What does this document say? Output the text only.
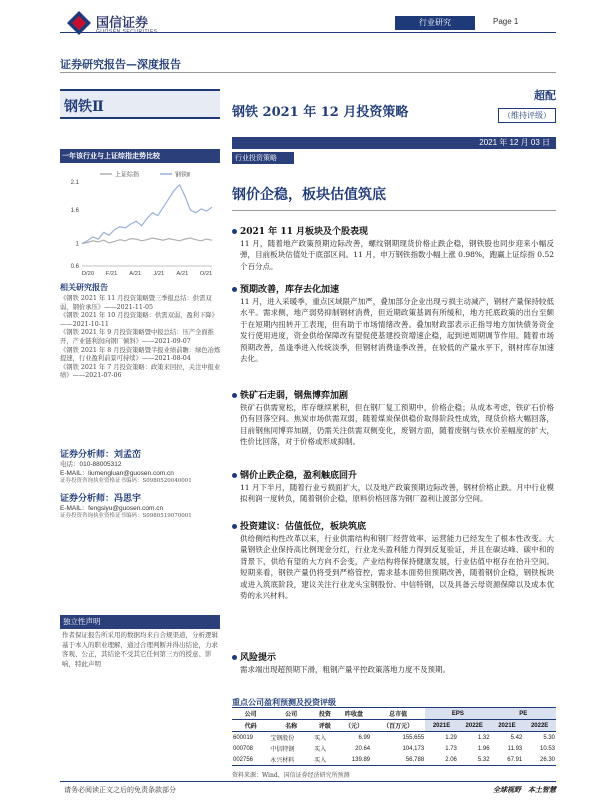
国信证券	行业研究	Page 1
证券研究报告—深度报告
钢铁Ⅱ	钢铁 2021 年 12 月投资策略
超配
（维持评级）
2021 年 12 月 03 日
一年该行业与上证综指走势比较
上证综指	钢铁Ⅱ
0.6
1
1.6
2.1
D/20 F/21 A/21 J/21 A/21 O/21
相关研究报告
《钢铁 2021 年 11 月投资策略暨三季报总结：供需双弱，钢价承压》——2021-11-05
《钢铁 2021 年 10 月投资策略：供需双弱，盈利下降》——2021-10-11
《钢铁 2021 年 9 月投资策略暨中报总结：压产全面推开，产业链利润向钢厂倾斜》——2021-09-07
《钢铁 2021 年 8 月投资策略暨半报业绩前瞻：绿色冶炼提速，行业盈利前景可持续》——2021-08-04
《钢铁 2021 年 7 月投资策略：政策来回拉，关注中报业绩》——2021-07-06
证券分析师：刘孟峦
电话：010-88005312
E-MAIL：liumengluan@guosen.com.cn
证券投资咨询执业资格证书编码：S0980520040001
证券分析师：冯思宇
E-MAIL：fengsiyu@guosen.com.cn
证券投资咨询执业资格证书编码：S0980519070001
独立性声明
作者保证报告所采用的数据均来自合规渠道，分析逻辑基于本人的职业理解，通过合理判断并得出结论，力求客观、公正，其结论不受其它任何第三方的授意、影响，特此声明
行业投资策略
钢价企稳，板块估值筑底
2021 年 11 月板块及个股表现
11 月，随着地产政策预期边际改善，螺纹钢期现货价格止跌企稳，钢铁股也同步迎来小幅反弹，目前板块估值处于底部区间。11 月，申万钢铁指数小幅上涨 0.98%，跑赢上证综指 0.52 个百分点。
预期改善，库存去化加速
11 月，进入采暖季，重点区域限产加严，叠加部分企业出现亏损主动减产，钢材产量保持较低水平。需求侧，地产弱势抑制钢材消费，但近期政策基调有所缓和，地方托底政策的出台至颇于在短期内扭转开工表现，但有助于市场情绪改善。叠加财政部表示正指导地方加快债务资金发行使用进度，资金供给保障改有望促使基建投资增速企稳，起到逆周期调节作用。随着市场预期改善，虽逢季进入传统淡季，但钢材消费逢季改善，在较低的产量水平下，钢材库存加速去化。
铁矿石走弱，钢焦博弈加剧
铁矿石供需宽松，库存继续累积，但在钢厂复工预期中，价格企稳；从成本考虑，铁矿石价格仍有回落空间。焦炭市场供需双弱，随着煤炭保供稳价取得阶段性成效，现货价格大幅回落，目前钢焦同博弈加剧，仍需关注供需双侧变化，废钢方面，随着废钢与铁水价差幅度的扩大，性价比回落，对于价格或形成抑制。
钢价止跌企稳，盈利触底回升
11 月下半月，随着行业亏损面扩大，以及地产政策预期边际改善，钢材价格止跌。月中行业模拟利润一度转负，随着钢价企稳，原料价格回落为钢厂盈利让渡部分空间。
投资建议：估值低位，板块筑底
供给侧结构性改革以来，行业供需结构和钢厂经营效率、运营能力已经发生了根本性改变。大量钢铁企业保持高比例现金分红，行业龙头盈利能力得到反复验证，并且在碳达峰、碳中和的背景下，供给有望的大方向不会变，产业结构将保持健康发展，行业估值中枢存在抬升空间。短期来看，钢铁产量仍将受到严格管控，需求基本面势但预期改善，随着钢价企稳，钢铁板块或进入筑底阶段，建议关注行业龙头宝钢股份、中信特钢，以及具备云母资源保障以及成本优势的永兴材料。
风险提示
需求端出现超预期下滑，粗钢产量平控政策落地力度不及预期。
重点公司盈利预测及投资评级
公司	公司	投资	昨收盘	总市值	EPS		PE	
代码	名称	评级	（元）	（百万元）	2021E	2022E	2021E	2022E
600019	宝钢股份	买入	6.99	155,655	1.29	1.32	5.42	5.30
000708	中信特钢	买入	20.64	104,173	1.73	1.96	11.93	10.53
002756	永兴材料	买入	139.89	56,788	2.06	5.32	67.91	26.30
资料来源：Wind、国信证券经济研究所预测
请务必阅读正文之后的免责条款部分	全球视野　本土智慧
